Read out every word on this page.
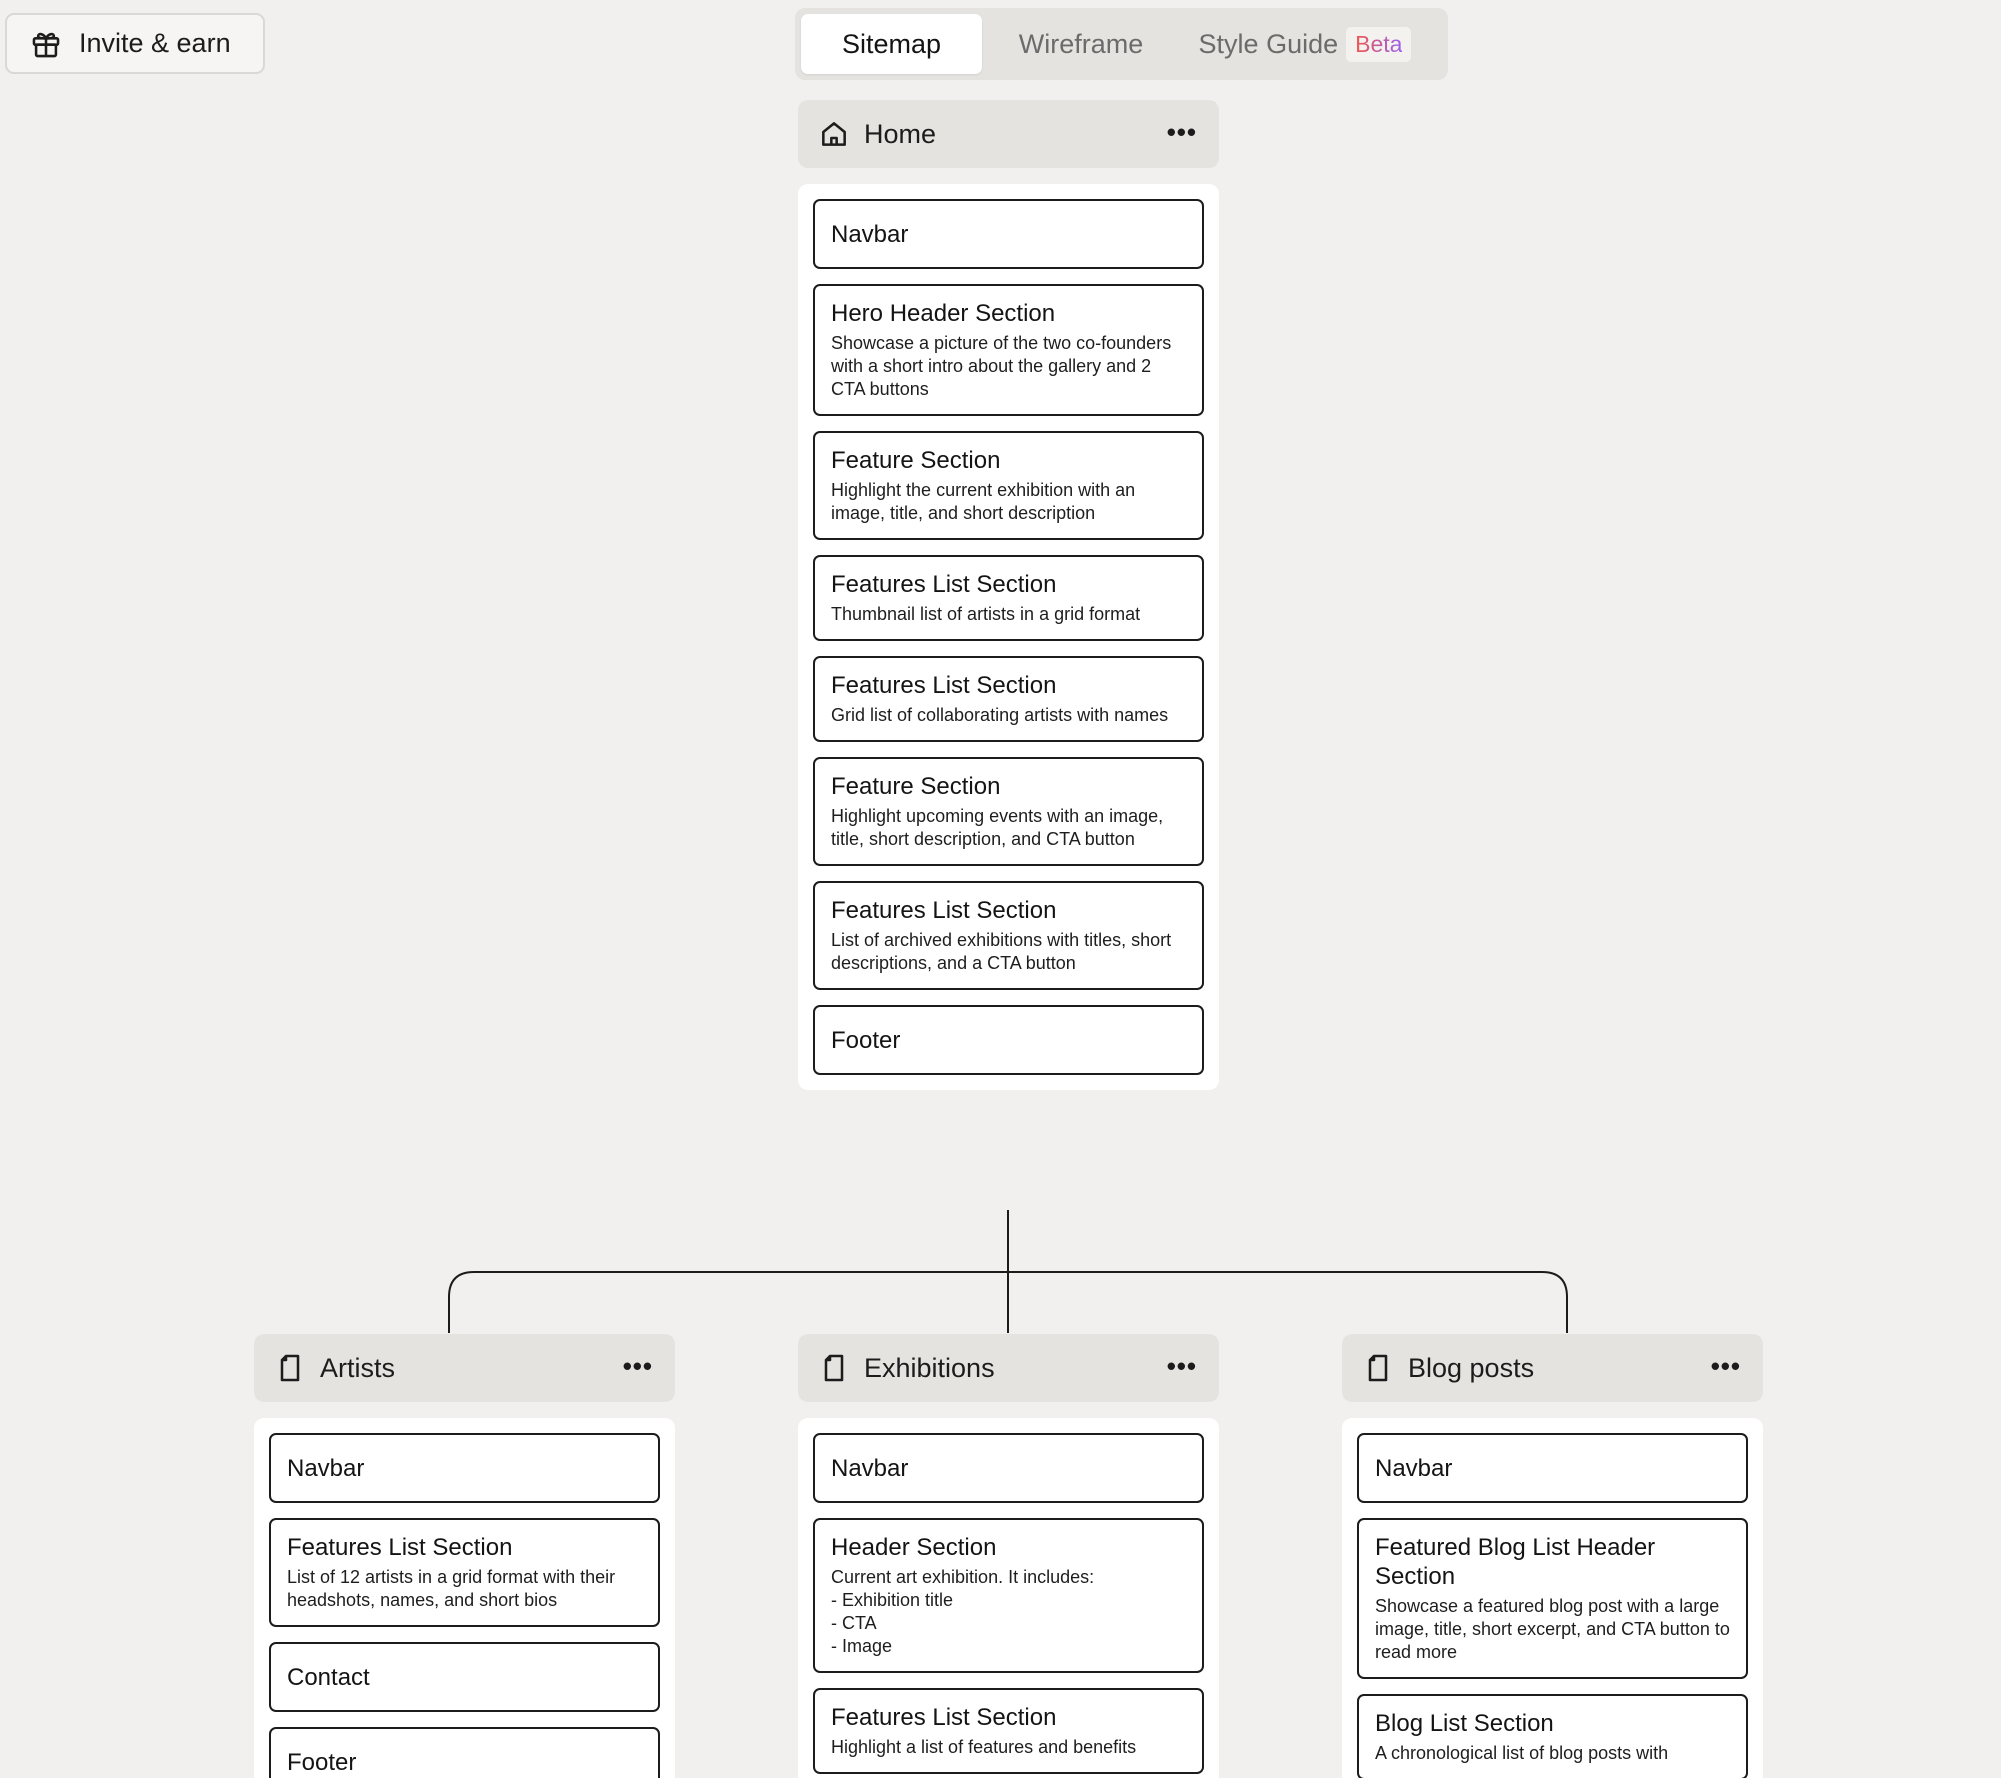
Invite & earn	Sitemap	Wireframe Style Guide Beta
Home	•••
Navbar
Hero Header Section

Showcase a picture of the two co-founders with a short intro about the gallery and 2 CTA buttons

Feature Section

Highlight the current exhibition with an image, title, and short description

Features List Section

Thumbnail list of artists in a grid format

Features List Section

Grid list of collaborating artists with names

Feature Section

Highlight upcoming events with an image, title, short description, and CTA button

Features List Section

List of archived exhibitions with titles, short descriptions, and a CTA button

Footer
Artists	•••
Navbar
Features List Section

List of 12 artists in a grid format with their headshots, names, and short bios

Contact
Footer
Exhibitions	•••
Navbar
Header Section

Current art exhibition. It includes:
- Exhibition title
- CTA
- Image

Features List Section

Highlight a list of features and benefits

Blog posts	•••
Navbar
Featured Blog List Header Section

Showcase a featured blog post with a large image, title, short excerpt, and CTA button to read more

Blog List Section

A chronological list of blog posts with
